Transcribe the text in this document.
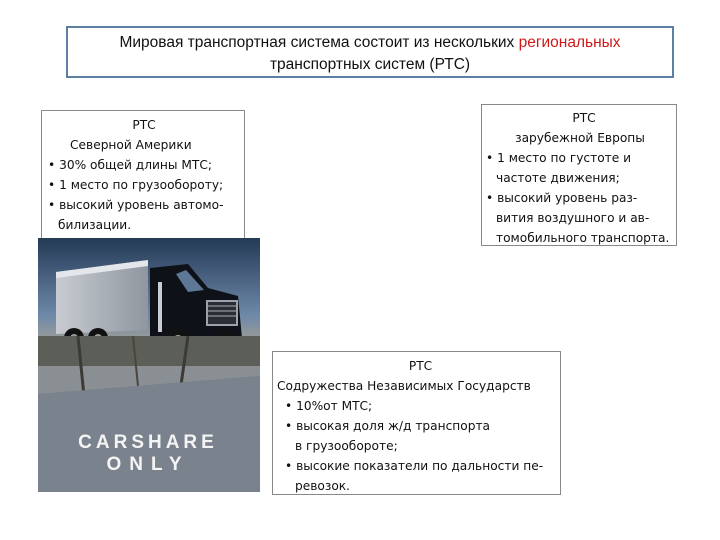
Мировая транспортная система состоит из нескольких региональных
транспортных систем (РТС)
РТС
Северной Америки
• 30% общей длины МТС;
• 1 место по грузообороту;
• высокий уровень автомо-
билизации.
РТС
зарубежной Европы
• 1 место по густоте и
частоте движения;
• высокий уровень раз-
вития воздушного и ав-
томобильного транспорта.
CARSHARE
ONLY
РТС
Содружества Независимых Государств
• 10%от МТС;
• высокая доля ж/д транспорта
в грузообороте;
• высокие показатели по дальности пе-
ревозок.
